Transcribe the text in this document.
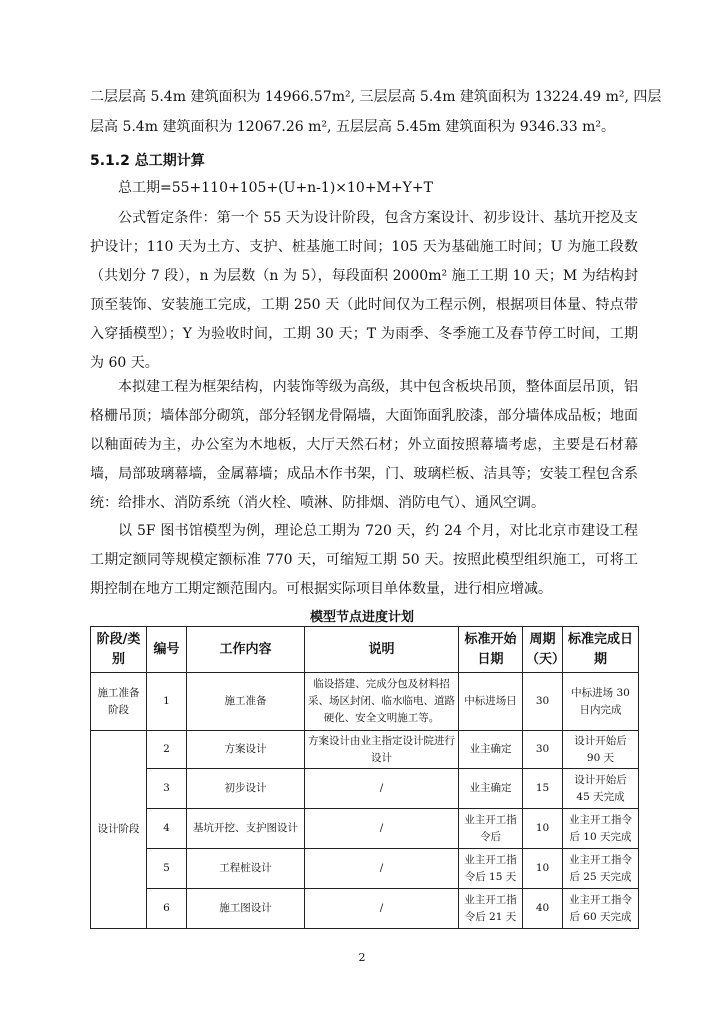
二层层高 5.4m 建筑面积为 14966.57m², 三层层高 5.4m 建筑面积为 13224.49 m², 四层

层高 5.4m 建筑面积为 12067.26 m², 五层层高 5.45m 建筑面积为 9346.33 m²。

5.1.2 总工期计算

总工期=55+110+105+(U+n-1)×10+M+Y+T

公式暂定条件：第一个 55 天为设计阶段，包含方案设计、初步设计、基坑开挖及支护设计；110 天为土方、支护、桩基施工时间；105 天为基础施工时间；U 为施工段数（共划分 7 段），n 为层数（n 为 5），每段面积 2000m² 施工工期 10 天；M 为结构封顶至装饰、安装施工完成，工期 250 天（此时间仅为工程示例，根据项目体量、特点带入穿插模型）；Y 为验收时间，工期 30 天；T 为雨季、冬季施工及春节停工时间，工期为 60 天。

本拟建工程为框架结构，内装饰等级为高级，其中包含板块吊顶，整体面层吊顶，铝格栅吊顶；墙体部分砌筑，部分轻钢龙骨隔墙，大面饰面乳胶漆，部分墙体成品板；地面以釉面砖为主，办公室为木地板，大厅天然石材；外立面按照幕墙考虑，主要是石材幕墙，局部玻璃幕墙，金属幕墙；成品木作书架，门、玻璃栏板、洁具等；安装工程包含系统：给排水、消防系统（消火栓、喷淋、防排烟、消防电气）、通风空调。

以 5F 图书馆模型为例，理论总工期为 720 天，约 24 个月，对比北京市建设工程工期定额同等规模定额标准 770 天，可缩短工期 50 天。按照此模型组织施工，可将工期控制在地方工期定额范围内。可根据实际项目单体数量，进行相应增减。

模型节点进度计划
阶段/类别	编号	工作内容	说明	标准开始日期	周期（天）	标准完成日期
施工准备阶段	1	施工准备	临设搭建、完成分包及材料招采、场区封闭、临水临电、道路硬化、安全文明施工等。	中标进场日	30	中标进场 30 日内完成
设计阶段	2	方案设计	方案设计由业主指定设计院进行设计	业主确定	30	设计开始后 90 天
	3	初步设计	/	业主确定	15	设计开始后 45 天完成
	4	基坑开挖、支护图设计	/	业主开工指令后	10	业主开工指令后 10 天完成
	5	工程桩设计	/	业主开工指令后 15 天	10	业主开工指令后 25 天完成
	6	施工图设计	/	业主开工指令后 21 天	40	业主开工指令后 60 天完成
2
